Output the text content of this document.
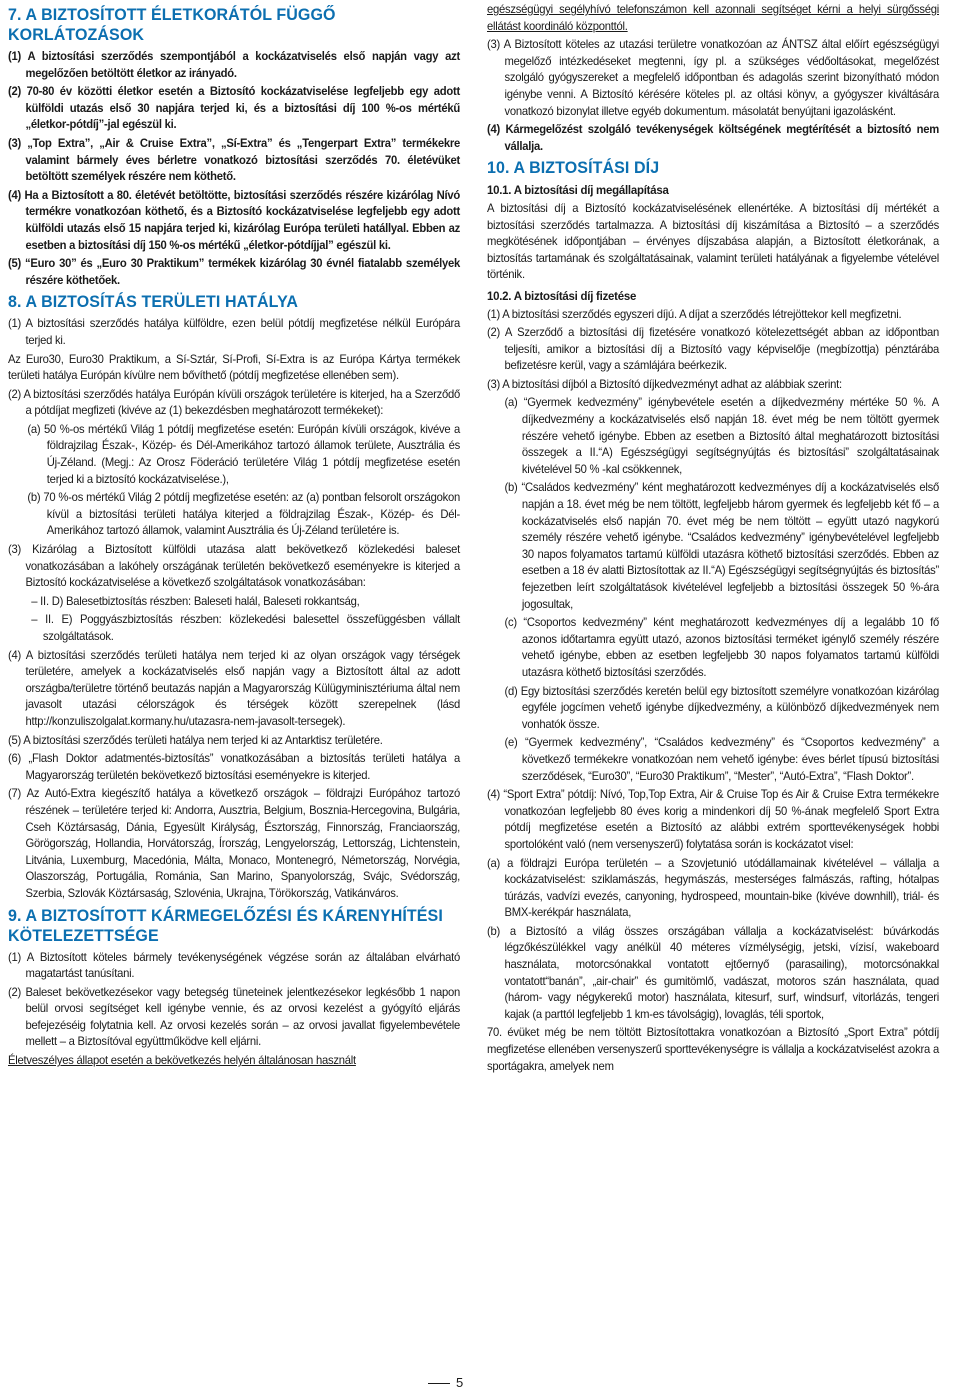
7. A BIZTOSÍTOTT ÉLETKORÁTÓL FÜGGŐ KORLÁTOZÁSOK

(1) A biztosítási szerződés szempontjából a kockázatviselés első napján vagy azt megelőzően betöltött életkor az irányadó.

(2) 70-80 év közötti életkor esetén a Biztosító kockázatviselése legfeljebb egy adott külföldi utazás első 30 napjára terjed ki, és a biztosítási díj 100 %-os mértékű „életkor-pótdíj”-jal egészül ki.

(3) „Top Extra”, „Air & Cruise Extra”, „Sí-Extra” és „Tengerpart Extra” termékekre valamint bármely éves bérletre vonatkozó biztosítási szerződés 70. életévüket betöltött személyek részére nem köthető.

(4) Ha a Biztosított a 80. életévét betöltötte, biztosítási szerződés részére kizárólag Nívó termékre vonatkozóan köthető, és a Biztosító kockázatviselése legfeljebb egy adott külföldi utazás első 15 napjára terjed ki, kizárólag Európa területi hatállyal. Ebben az esetben a biztosítási díj 150 %-os mértékű „életkor-pótdíjjal” egészül ki.

(5) “Euro 30” és „Euro 30 Praktikum” termékek kizárólag 30 évnél fiatalabb személyek részére köthetőek.

8. A BIZTOSÍTÁS TERÜLETI HATÁLYA

(1) A biztosítási szerződés hatálya külföldre, ezen belül pótdíj megfizetése nélkül Európára terjed ki.

Az Euro30, Euro30 Praktikum, a Sí-Sztár, Sí-Profi, Sí-Extra is az Európa Kártya termékek területi hatálya Európán kívülre nem bővíthető (pótdíj megfizetése ellenében sem).

(2) A biztosítási szerződés hatálya Európán kívüli országok területére is kiterjed, ha a Szerződő a pótdíjat megfizeti (kivéve az (1) bekezdésben meghatározott termékeket):

(a) 50 %-os mértékű Világ 1 pótdíj megfizetése esetén: Európán kívüli országok, kivéve a földrajzilag Észak-, Közép- és Dél-Amerikához tartozó államok területe, Ausztrália és Új-Zéland. (Megj.: Az Orosz Föderáció területére Világ 1 pótdíj megfizetése esetén terjed ki a biztosító kockázatviselése.),

(b) 70 %-os mértékű Világ 2 pótdíj megfizetése esetén: az (a) pontban felsorolt országokon kívül a biztosítási területi hatálya kiterjed a földrajzilag Észak-, Közép- és Dél-Amerikához tartozó államok, valamint Ausztrália és Új-Zéland területére is.

(3) Kizárólag a Biztosított külföldi utazása alatt bekövetkező közlekedési baleset vonatkozásában a lakóhely országának területén bekövetkező eseményekre is kiterjed a Biztosító kockázatviselése a következő szolgáltatások vonatkozásában:

– II. D) Balesetbiztosítás részben: Baleseti halál, Baleseti rokkantság,

– II. E) Poggyászbiztosítás részben: közlekedési balesettel összefüggésben vállalt szolgáltatások.

(4) A biztosítási szerződés területi hatálya nem terjed ki az olyan országok vagy térségek területére, amelyek a kockázatviselés első napján vagy a Biztosított által az adott országba/területre történő beutazás napján a Magyarország Külügyminisztériuma által nem javasolt utazási célországok és térségek között szerepelnek (lásd http://konzuliszolgalat.kormany.hu/utazasra-nem-javasolt-tersegek).

(5) A biztosítási szerződés területi hatálya nem terjed ki az Antarktisz területére.

(6) „Flash Doktor adatmentés-biztosítás” vonatkozásában a biztosítás területi hatálya a Magyarország területén bekövetkező biztosítási eseményekre is kiterjed.

(7) Az Autó-Extra kiegészítő hatálya a következő országok – földrajzi Európához tartozó részének – területére terjed ki: Andorra, Ausztria, Belgium, Bosznia-Hercegovina, Bulgária, Cseh Köztársaság, Dánia, Egyesült Királyság, Észtország, Finnország, Franciaország, Görögország, Hollandia, Horvátország, Írország, Lengyelország, Lettország, Lichtenstein, Litvánia, Luxemburg, Macedónia, Málta, Monaco, Montenegró, Németország, Norvégia, Olaszország, Portugália, Románia, San Marino, Spanyolország, Svájc, Svédország, Szerbia, Szlovák Köztársaság, Szlovénia, Ukrajna, Törökország, Vatikánváros.

9. A BIZTOSÍTOTT KÁRMEGELŐZÉSI ÉS KÁRENYHÍTÉSI KÖTELEZETTSÉGE

(1) A Biztosított köteles bármely tevékenységének végzése során az általában elvárható magatartást tanúsítani.

(2) Baleset bekövetkezésekor vagy betegség tüneteinek jelentkezésekor legkésőbb 1 napon belül orvosi segítséget kell igénybe vennie, és az orvosi kezelést a gyógyító eljárás befejezéséig folytatnia kell. Az orvosi kezelés során – az orvosi javallat figyelembevétele mellett – a Biztosítóval együttműködve kell eljárni.

Életveszélyes állapot esetén a bekövetkezés helyén általánosan használt

egészségügyi segélyhívó telefonszámon kell azonnali segítséget kérni a helyi sürgősségi ellátást koordináló központtól.

(3) A Biztosított köteles az utazási területre vonatkozóan az ÁNTSZ által előírt egészségügyi megelőző intézkedéseket megtenni, így pl. a szükséges védőoltásokat, megelőzést szolgáló gyógyszereket a megfelelő időpontban és adagolás szerint bizonyítható módon igénybe venni. A Biztosító kérésére köteles pl. az oltási könyv, a gyógyszer kiváltására vonatkozó bizonylat illetve egyéb dokumentum. másolatát benyújtani igazolásként.

(4) Kármegelőzést szolgáló tevékenységek költségének megtérítését a biztosító nem vállalja.

10. A BIZTOSÍTÁSI DÍJ
10.1. A biztosítási díj megállapítása

A biztosítási díj a Biztosító kockázatviselésének ellenértéke. A biztosítási díj mértékét a biztosítási szerződés tartalmazza. A biztosítási díj kiszámítása a Biztosító – a szerződés megkötésének időpontjában – érvényes díjszabása alapján, a Biztosított életkorának, a biztosítás tartamának és szolgáltatásainak, valamint területi hatályának a figyelembe vételével történik.

10.2. A biztosítási díj fizetése

(1) A biztosítási szerződés egyszeri díjú. A díjat a szerződés létrejöttekor kell megfizetni.

(2) A Szerződő a biztosítási díj fizetésére vonatkozó kötelezettségét abban az időpontban teljesíti, amikor a biztosítási díj a Biztosító vagy képviselője (megbízottja) pénztárába befizetésre kerül, vagy a számlájára beérkezik.

(3) A biztosítási díjból a Biztosító díjkedvezményt adhat az alábbiak szerint:

(a) “Gyermek kedvezmény” igénybevétele esetén a díjkedvezmény mértéke 50 %. A díjkedvezmény a kockázatviselés első napján 18. évet még be nem töltött gyermek részére vehető igénybe. Ebben az esetben a Biztosító által meghatározott biztosítási összegek a II.“A) Egészségügyi segítségnyújtás és biztosítási” szolgáltatásainak kivételével 50 % -kal csökkennek,

(b) “Családos kedvezmény” ként meghatározott kedvezményes díj a kockázatviselés első napján a 18. évet még be nem töltött, legfeljebb három gyermek és legfeljebb két fő – a kockázatviselés első napján 70. évet még be nem töltött – együtt utazó nagykorú személy részére vehető igénybe. “Családos kedvezmény” igénybevételével legfeljebb 30 napos folyamatos tartamú külföldi utazásra köthető biztosítási szerződés. Ebben az esetben a 18 év alatti Biztosítottak az II.“A) Egészségügyi segítségnyújtás és biztosítás” fejezetben leírt szolgáltatások kivételével legfeljebb a biztosítási összegek 50 %-ára jogosultak,

(c) “Csoportos kedvezmény” ként meghatározott kedvezményes díj a legalább 10 fő azonos időtartamra együtt utazó, azonos biztosítási terméket igénylő személy részére vehető igénybe, ebben az esetben legfeljebb 30 napos folyamatos tartamú külföldi utazásra köthető biztosítási szerződés.

(d) Egy biztosítási szerződés keretén belül egy biztosított személyre vonatkozóan kizárólag egyféle jogcímen vehető igénybe díjkedvezmény, a különböző díjkedvezmények nem vonhatók össze.

(e) “Gyermek kedvezmény”, “Családos kedvezmény” és “Csoportos kedvezmény” a következő termékekre vonatkozóan nem vehető igénybe: éves bérlet típusú biztosítási szerződések, “Euro30”, “Euro30 Praktikum”, “Mester”, “Autó-Extra”, “Flash Doktor”.

(4) “Sport Extra” pótdíj: Nívó, Top,Top Extra, Air & Cruise Top és Air & Cruise Extra termékekre vonatkozóan legfeljebb 80 éves korig a mindenkori díj 50 %-ának megfelelő Sport Extra pótdíj megfizetése esetén a Biztosító az alábbi extrém sporttevékenységek hobbi sportolóként való (nem versenyszerű) folytatása során is kockázatot visel:

(a) a földrajzi Európa területén – a Szovjetunió utódállamainak kivételével – vállalja a kockázatviselést: sziklamászás, hegymászás, mesterséges falmászás, rafting, hótalpas túrázás, vadvízi evezés, canyoning, hydrospeed, mountain-bike (kivéve downhill), triál- és BMX-kerékpár használata,

(b) a Biztosító a világ összes országában vállalja a kockázatviselést: búvárkodás légzőkészülékkel vagy anélkül 40 méteres vízmélységig, jetski, vízisí, wakeboard használata, motorcsónakkal vontatott ejtőernyő (parasailing), motorcsónakkal vontatott“banán”, „air-chair” és gumitömlő, vadászat, motoros szán használata, quad (három- vagy négykerekű motor) használata, kitesurf, surf, windsurf, vitorlázás, tengeri kajak (a parttól legfeljebb 1 km-es távolságig), lovaglás, téli sportok,

70. évüket még be nem töltött Biztosítottakra vonatkozóan a Biztosító „Sport Extra” pótdíj megfizetése ellenében versenyszerű sporttevékenységre is vállalja a kockázatviselést azokra a sportágakra, amelyek nem

5
